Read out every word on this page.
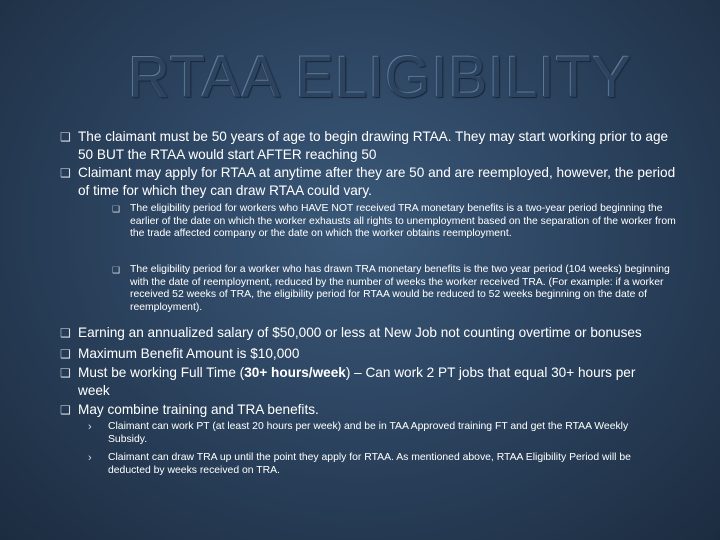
RTAA ELIGIBILITY
❑ The claimant must be 50 years of age to begin drawing RTAA. They may start working prior to age 50 BUT the RTAA would start AFTER reaching 50
❑ Claimant may apply for RTAA at anytime after they are 50 and are reemployed, however, the period of time for which they can draw RTAA could vary.
❑ The eligibility period for workers who HAVE NOT received TRA monetary benefits is a two-year period beginning the earlier of the date on which the worker exhausts all rights to unemployment based on the separation of the worker from the trade affected company or the date on which the worker obtains reemployment.
❑ The eligibility period for a worker who has drawn TRA monetary benefits is the two year period (104 weeks) beginning with the date of reemployment, reduced by the number of weeks the worker received TRA. (For example: if a worker received 52 weeks of TRA, the eligibility period for RTAA would be reduced to 52 weeks beginning on the date of reemployment).
❑ Earning an annualized salary of $50,000 or less at New Job not counting overtime or bonuses
❑ Maximum Benefit Amount is $10,000
❑ Must be working Full Time (30+ hours/week) – Can work 2 PT jobs that equal 30+ hours per week
❑ May combine training and TRA benefits.
› Claimant can work PT (at least 20 hours per week) and be in TAA Approved training FT and get the RTAA Weekly Subsidy.
› Claimant can draw TRA up until the point they apply for RTAA. As mentioned above, RTAA Eligibility Period will be deducted by weeks received on TRA.
